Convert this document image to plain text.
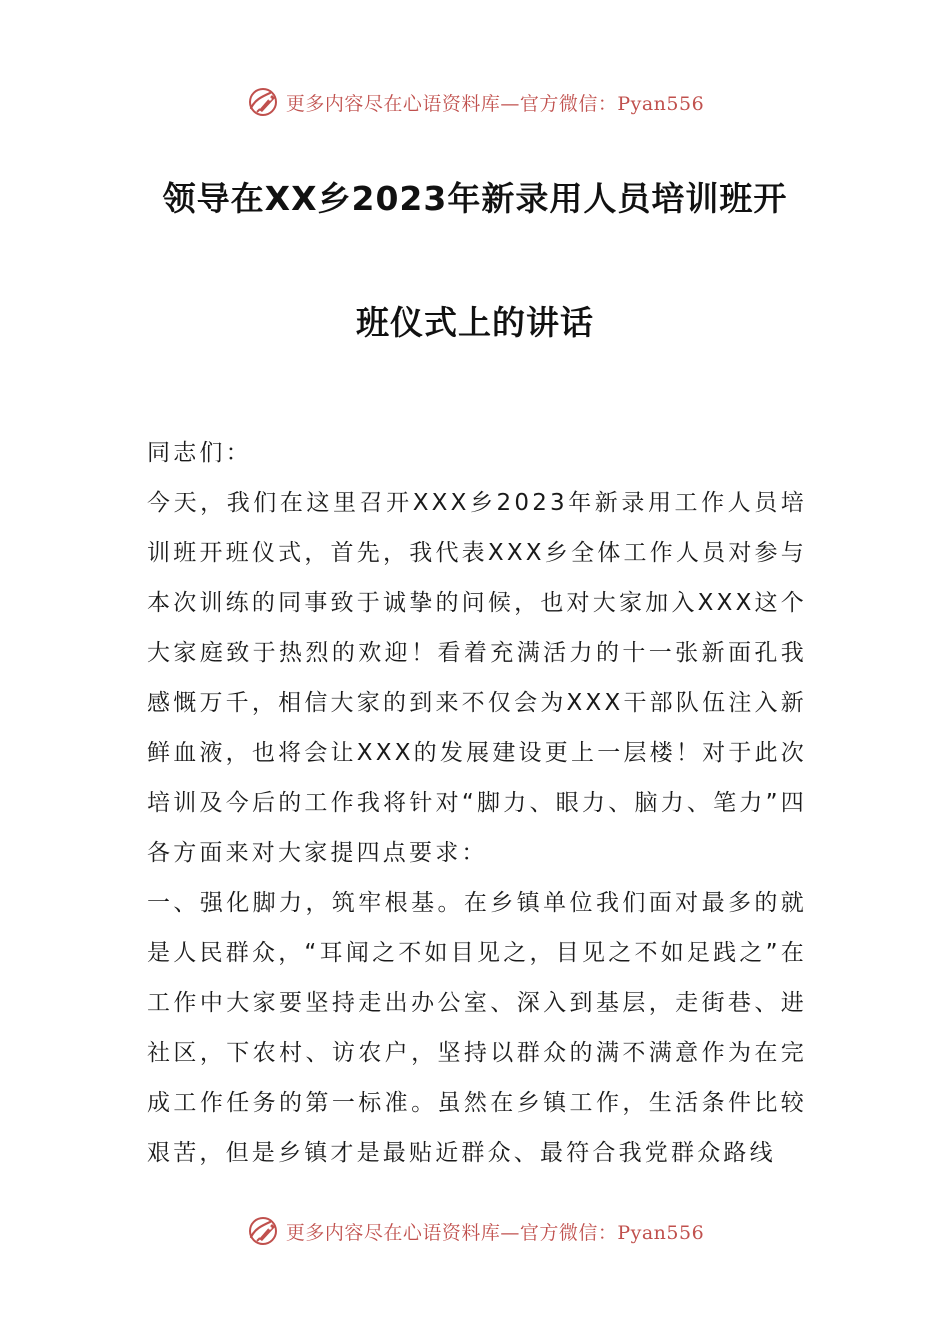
更多内容尽在心语资料库—官方微信：Pyan556
领导在XX乡2023年新录用人员培训班开
班仪式上的讲话

同志们：

今天，我们在这里召开XXX乡2023年新录用工作人员培训班开班仪式，首先，我代表XXX乡全体工作人员对参与本次训练的同事致于诚挚的问候，也对大家加入XXX这个大家庭致于热烈的欢迎！看着充满活力的十一张新面孔我感慨万千，相信大家的到来不仅会为XXX干部队伍注入新鲜血液，也将会让XXX的发展建设更上一层楼！对于此次培训及今后的工作我将针对“脚力、眼力、脑力、笔力”四各方面来对大家提四点要求：

一、强化脚力，筑牢根基。在乡镇单位我们面对最多的就是人民群众，“耳闻之不如目见之，目见之不如足践之”在工作中大家要坚持走出办公室、深入到基层，走街巷、进社区，下农村、访农户，坚持以群众的满不满意作为在完成工作任务的第一标准。虽然在乡镇工作，生活条件比较艰苦，但是乡镇才是最贴近群众、最符合我党群众路线

更多内容尽在心语资料库—官方微信：Pyan556
